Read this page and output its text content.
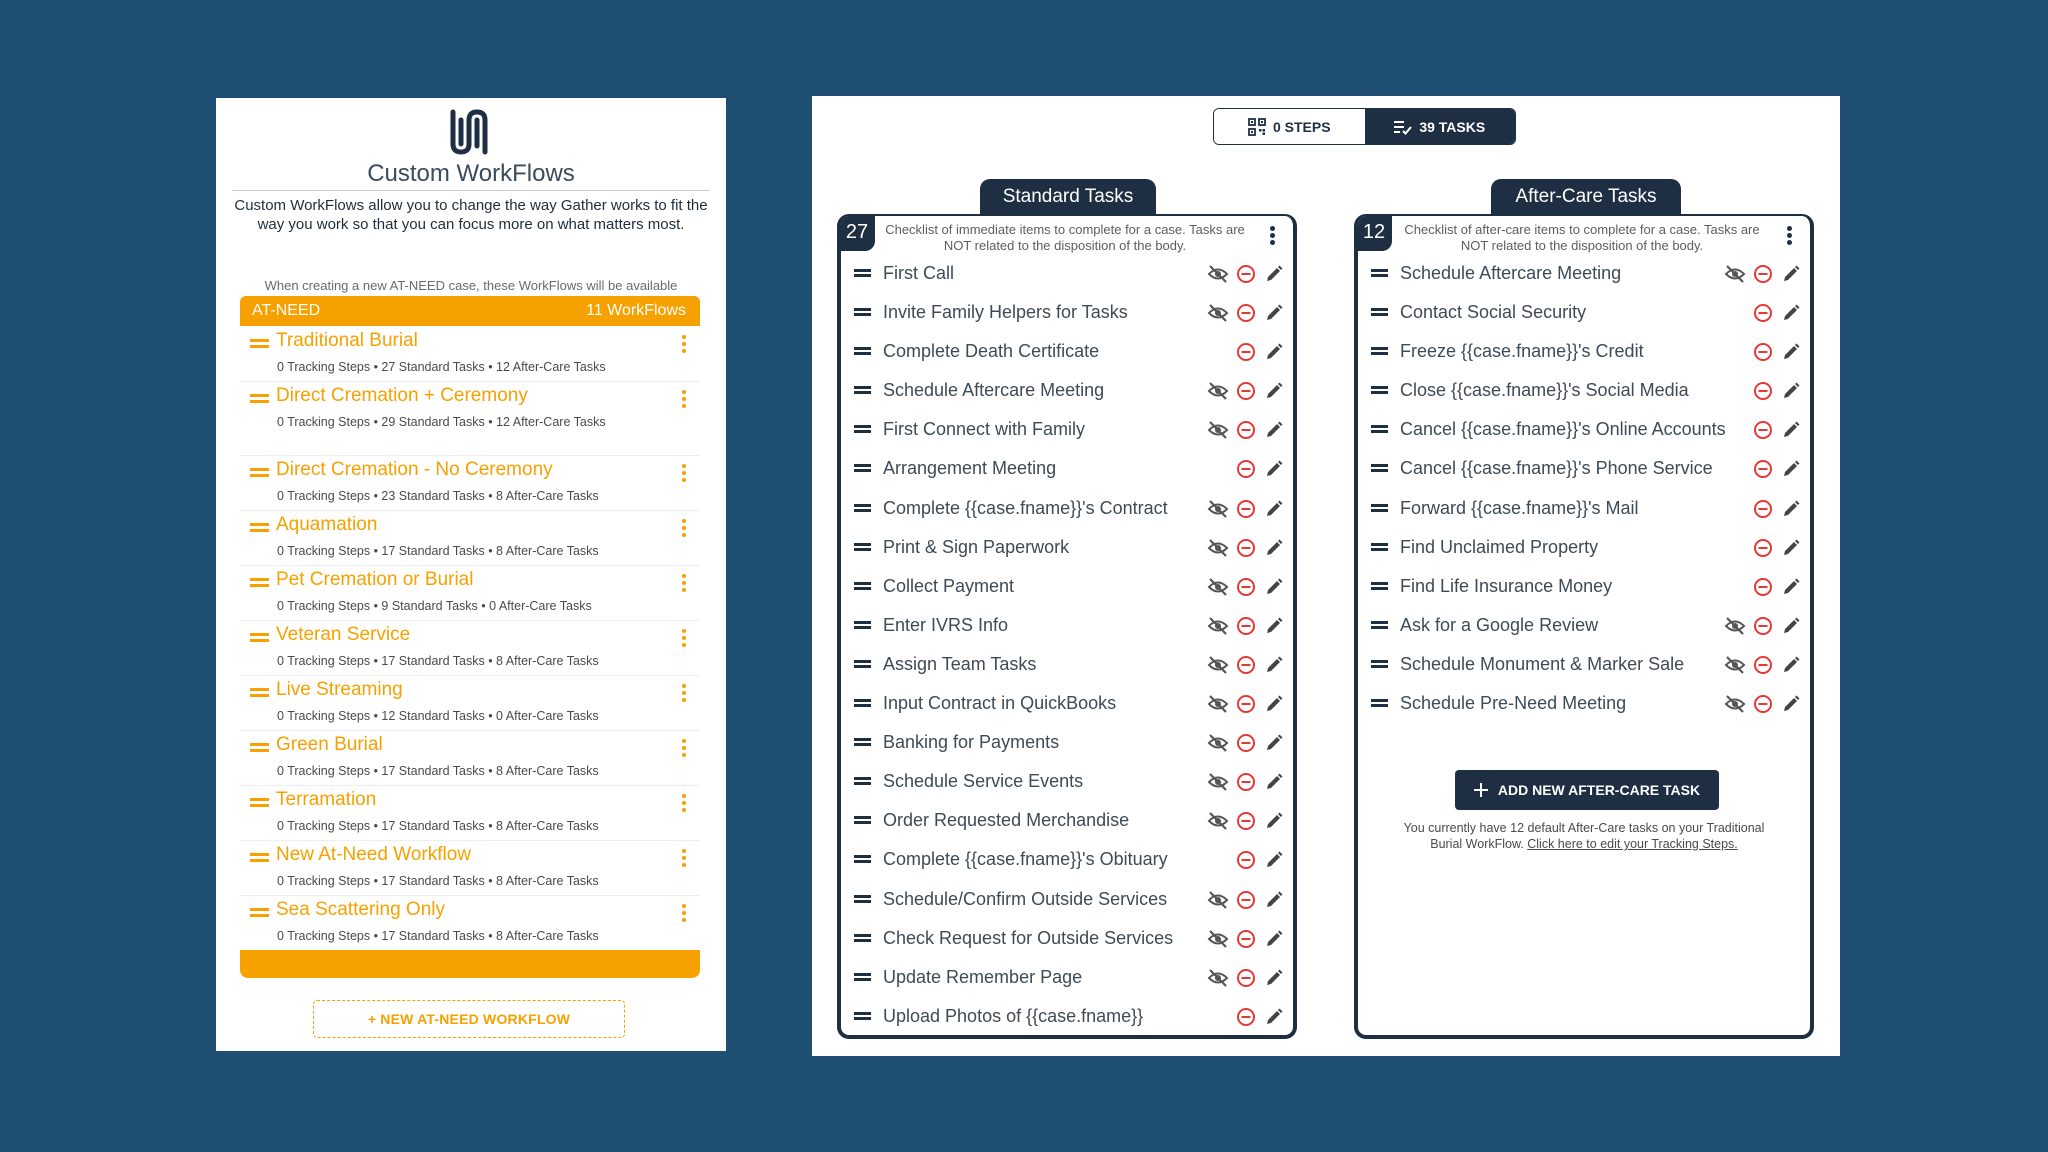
Custom WorkFlows
Custom WorkFlows allow you to change the way Gather works to fit the way you work so that you can focus more on what matters most.
When creating a new AT-NEED case, these WorkFlows will be available
AT-NEED	11 WorkFlows
Traditional Burial
0 Tracking Steps • 27 Standard Tasks • 12 After-Care Tasks
Direct Cremation + Ceremony
0 Tracking Steps • 29 Standard Tasks • 12 After-Care Tasks
Direct Cremation - No Ceremony
0 Tracking Steps • 23 Standard Tasks • 8 After-Care Tasks
Aquamation
0 Tracking Steps • 17 Standard Tasks • 8 After-Care Tasks
Pet Cremation or Burial
0 Tracking Steps • 9 Standard Tasks • 0 After-Care Tasks
Veteran Service
0 Tracking Steps • 17 Standard Tasks • 8 After-Care Tasks
Live Streaming
0 Tracking Steps • 12 Standard Tasks • 0 After-Care Tasks
Green Burial
0 Tracking Steps • 17 Standard Tasks • 8 After-Care Tasks
Terramation
0 Tracking Steps • 17 Standard Tasks • 8 After-Care Tasks
New At-Need Workflow
0 Tracking Steps • 17 Standard Tasks • 8 After-Care Tasks
Sea Scattering Only
0 Tracking Steps • 17 Standard Tasks • 8 After-Care Tasks
+ NEW AT-NEED WORKFLOW
0 STEPS	39 TASKS
Standard Tasks
27	Checklist of immediate items to complete for a case. Tasks are NOT related to the disposition of the body.
First Call
Invite Family Helpers for Tasks
Complete Death Certificate
Schedule Aftercare Meeting
First Connect with Family
Arrangement Meeting
Complete {{case.fname}}'s Contract
Print & Sign Paperwork
Collect Payment
Enter IVRS Info
Assign Team Tasks
Input Contract in QuickBooks
Banking for Payments
Schedule Service Events
Order Requested Merchandise
Complete {{case.fname}}'s Obituary
Schedule/Confirm Outside Services
Check Request for Outside Services
Update Remember Page
Upload Photos of {{case.fname}}
After-Care Tasks
12	Checklist of after-care items to complete for a case. Tasks are NOT related to the disposition of the body.
Schedule Aftercare Meeting
Contact Social Security
Freeze {{case.fname}}'s Credit
Close {{case.fname}}'s Social Media
Cancel {{case.fname}}'s Online Accounts
Cancel {{case.fname}}'s Phone Service
Forward {{case.fname}}'s Mail
Find Unclaimed Property
Find Life Insurance Money
Ask for a Google Review
Schedule Monument & Marker Sale
Schedule Pre-Need Meeting
ADD NEW AFTER-CARE TASK
You currently have 12 default After-Care tasks on your Traditional Burial WorkFlow. Click here to edit your Tracking Steps.
